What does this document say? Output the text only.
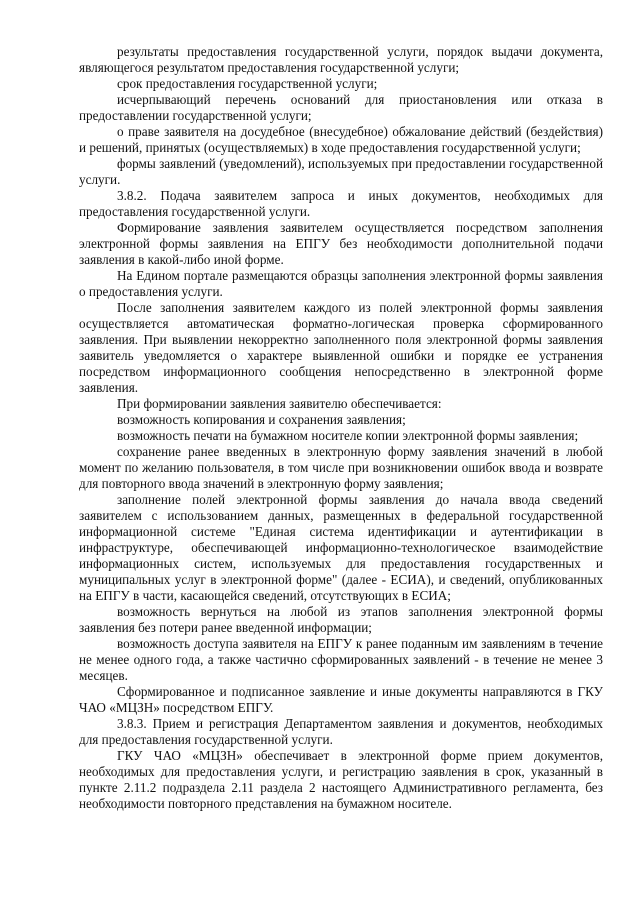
результаты предоставления государственной услуги, порядок выдачи документа, являющегося результатом предоставления государственной услуги;

срок предоставления государственной услуги;

исчерпывающий перечень оснований для приостановления или отказа в предоставлении государственной услуги;

о праве заявителя на досудебное (внесудебное) обжалование действий (бездействия) и решений, принятых (осуществляемых) в ходе предоставления государственной услуги;

формы заявлений (уведомлений), используемых при предоставлении государственной услуги.

3.8.2. Подача заявителем запроса и иных документов, необходимых для предоставления государственной услуги.

Формирование заявления заявителем осуществляется посредством заполнения электронной формы заявления на ЕПГУ без необходимости дополнительной подачи заявления в какой-либо иной форме.

На Едином портале размещаются образцы заполнения электронной формы заявления о предоставления услуги.

После заполнения заявителем каждого из полей электронной формы заявления осуществляется автоматическая форматно-логическая проверка сформированного заявления. При выявлении некорректно заполненного поля электронной формы заявления заявитель уведомляется о характере выявленной ошибки и порядке ее устранения посредством информационного сообщения непосредственно в электронной форме заявления.

При формировании заявления заявителю обеспечивается:

возможность копирования и сохранения заявления;

возможность печати на бумажном носителе копии электронной формы заявления;

сохранение ранее введенных в электронную форму заявления значений в любой момент по желанию пользователя, в том числе при возникновении ошибок ввода и возврате для повторного ввода значений в электронную форму заявления;

заполнение полей электронной формы заявления до начала ввода сведений заявителем с использованием данных, размещенных в федеральной государственной информационной системе "Единая система идентификации и аутентификации в инфраструктуре, обеспечивающей информационно-технологическое взаимодействие информационных систем, используемых для предоставления государственных и муниципальных услуг в электронной форме" (далее - ЕСИА), и сведений, опубликованных на ЕПГУ в части, касающейся сведений, отсутствующих в ЕСИА;

возможность вернуться на любой из этапов заполнения электронной формы заявления без потери ранее введенной информации;

возможность доступа заявителя на ЕПГУ к ранее поданным им заявлениям в течение не менее одного года, а также частично сформированных заявлений - в течение не менее 3 месяцев.

Сформированное и подписанное заявление и иные документы направляются в ГКУ ЧАО «МЦЗН» посредством ЕПГУ.

3.8.3. Прием и регистрация Департаментом заявления и документов, необходимых для предоставления государственной услуги.

ГКУ ЧАО «МЦЗН» обеспечивает в электронной форме прием документов, необходимых для предоставления услуги, и регистрацию заявления в срок, указанный в пункте 2.11.2 подраздела 2.11 раздела 2 настоящего Административного регламента, без необходимости повторного представления на бумажном носителе.
